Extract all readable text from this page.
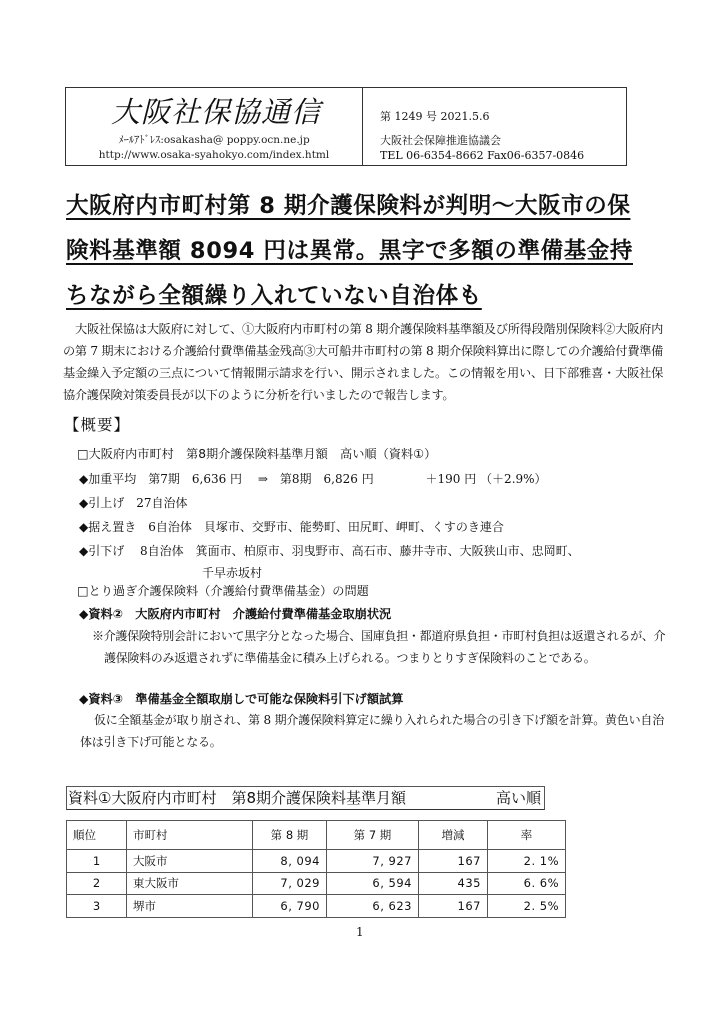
大阪社保協通信
ﾒｰﾙｱﾄﾞﾚｽ:osakasha@ poppy.ocn.ne.jp
http://www.osaka-syahokyo.com/index.html
第 1249 号 2021.5.6
大阪社会保障推進協議会
TEL 06-6354-8662 Fax06-6357-0846
大阪府内市町村第 8 期介護保険料が判明～大阪市の保
険料基準額 8094 円は異常。黒字で多額の準備基金持
ちながら全額繰り入れていない自治体も
大阪社保協は大阪府に対して、①大阪府内市町村の第 8 期介護保険料基準額及び所得段階別保険料②大阪府内の第 7 期末における介護給付費準備基金残高③大可船井市町村の第 8 期介保険料算出に際しての介護給付費準備基金繰入予定額の三点について情報開示請求を行い、開示されました。この情報を用い、日下部雅喜・大阪社保協介護保険対策委員長が以下のように分析を行いましたので報告します。
【概要】
□大阪府内市町村　第8期介護保険料基準月額　高い順（資料①）
◆加重平均　第7期　6,636 円　 ⇒　第8期　6,826 円　　　　 ＋190 円 （＋2.9%）
◆引上げ　27自治体
◆据え置き　6自治体　貝塚市、交野市、能勢町、田尻町、岬町、くすのき連合
◆引下げ　 8自治体　箕面市、柏原市、羽曳野市、高石市、藤井寺市、大阪狭山市、忠岡町、
千早赤坂村
□とり過ぎ介護保険料（介護給付費準備基金）の問題
◆資料②　大阪府内市町村　介護給付費準備基金取崩状況
※介護保険特別会計において黒字分となった場合、国庫負担・都道府県負担・市町村負担は返還されるが、介護保険料のみ返還されずに準備基金に積み上げられる。つまりとりすぎ保険料のことである。
◆資料③　準備基金全額取崩しで可能な保険料引下げ額試算
仮に全額基金が取り崩され、第 8 期介護保険料算定に繰り入れられた場合の引き下げ額を計算。黄色い自治体は引き下げ可能となる。
資料①大阪府内市町村　第8期介護保険料基準月額	高い順
順位	市町村	第 8 期	第 7 期	増減	率
1	大阪市	8, 094	7, 927	167	2. 1%
2	東大阪市	7, 029	6, 594	435	6. 6%
3	堺市	6, 790	6, 623	167	2. 5%
1
